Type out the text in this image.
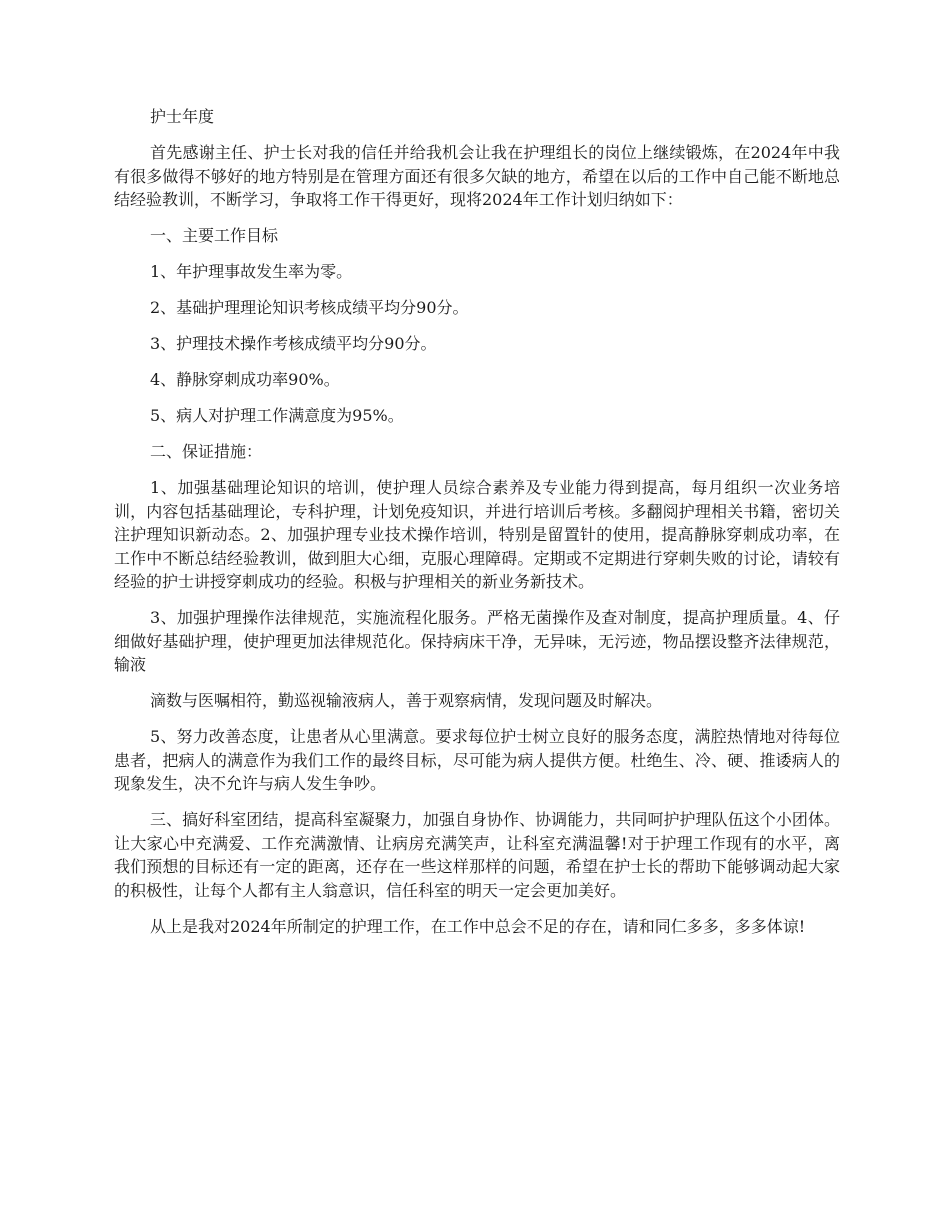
护士年度

首先感谢主任、护士长对我的信任并给我机会让我在护理组长的岗位上继续锻炼，在2024年中我有很多做得不够好的地方特别是在管理方面还有很多欠缺的地方，希望在以后的工作中自己能不断地总结经验教训，不断学习，争取将工作干得更好，现将2024年工作计划归纳如下：

一、主要工作目标

1、年护理事故发生率为零。

2、基础护理理论知识考核成绩平均分90分。

3、护理技术操作考核成绩平均分90分。

4、静脉穿刺成功率90%。

5、病人对护理工作满意度为95%。

二、保证措施：

1、加强基础理论知识的培训，使护理人员综合素养及专业能力得到提高，每月组织一次业务培训，内容包括基础理论，专科护理，计划免疫知识，并进行培训后考核。多翻阅护理相关书籍，密切关注护理知识新动态。2、加强护理专业技术操作培训，特别是留置针的使用，提高静脉穿刺成功率，在工作中不断总结经验教训，做到胆大心细，克服心理障碍。定期或不定期进行穿刺失败的讨论，请较有经验的护士讲授穿刺成功的经验。积极与护理相关的新业务新技术。

3、加强护理操作法律规范，实施流程化服务。严格无菌操作及查对制度，提高护理质量。4、仔细做好基础护理，使护理更加法律规范化。保持病床干净，无异味，无污迹，物品摆设整齐法律规范，输液

滴数与医嘱相符，勤巡视输液病人，善于观察病情，发现问题及时解决。

5、努力改善态度，让患者从心里满意。要求每位护士树立良好的服务态度，满腔热情地对待每位患者，把病人的满意作为我们工作的最终目标，尽可能为病人提供方便。杜绝生、冷、硬、推诿病人的现象发生，决不允许与病人发生争吵。

三、搞好科室团结，提高科室凝聚力，加强自身协作、协调能力，共同呵护护理队伍这个小团体。让大家心中充满爱、工作充满激情、让病房充满笑声，让科室充满温馨!对于护理工作现有的水平，离我们预想的目标还有一定的距离，还存在一些这样那样的问题，希望在护士长的帮助下能够调动起大家的积极性，让每个人都有主人翁意识，信任科室的明天一定会更加美好。

从上是我对2024年所制定的护理工作，在工作中总会不足的存在，请和同仁多多，多多体谅!
